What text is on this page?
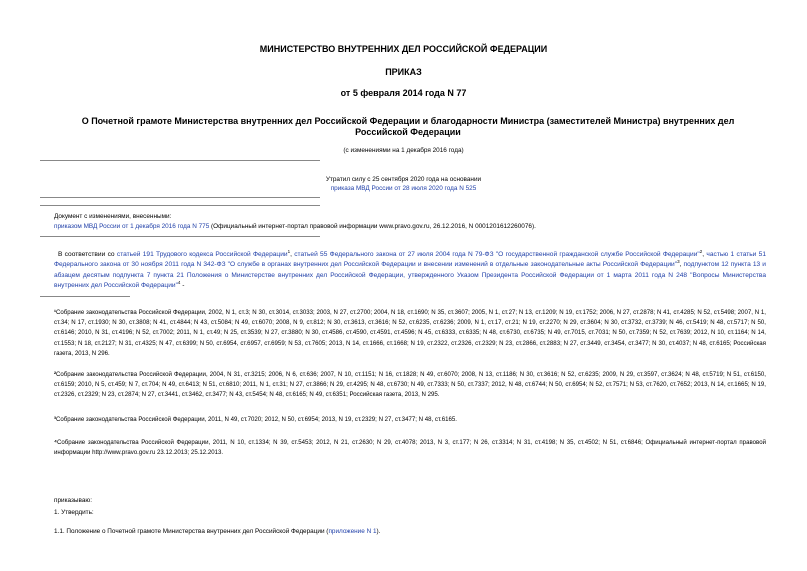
МИНИСТЕРСТВО ВНУТРЕННИХ ДЕЛ РОССИЙСКОЙ ФЕДЕРАЦИИ
ПРИКАЗ
от 5 февраля 2014 года N 77
О Почетной грамоте Министерства внутренних дел Российской Федерации и благодарности Министра (заместителей Министра) внутренних дел Российской Федерации
(с изменениями на 1 декабря 2016 года)
Утратил силу с 25 сентября 2020 года на основании
приказа МВД России от 28 июля 2020 года N 525
Документ с изменениями, внесенными:
приказом МВД России от 1 декабря 2016 года N 775 (Официальный интернет-портал правовой информации www.pravo.gov.ru, 26.12.2016, N 0001201612260076).
В соответствии со статьей 191 Трудового кодекса Российской Федерации$^1$, статьей 55 Федерального закона от 27 июля 2004 года N 79-ФЗ "О государственной гражданской службе Российской Федерации"$^2$, частью 1 статьи 51 Федерального закона от 30 ноября 2011 года N 342-ФЗ "О службе в органах внутренних дел Российской Федерации и внесении изменений в отдельные законодательные акты Российской Федерации"$^3$, подпунктом 12 пункта 13 и абзацем десятым подпункта 7 пункта 21 Положения о Министерстве внутренних дел Российской Федерации, утвержденного Указом Президента Российской Федерации от 1 марта 2011 года N 248 "Вопросы Министерства внутренних дел Российской Федерации"$^4$ -
¹Собрание законодательства Российской Федерации, 2002, N 1, ст.3; N 30, ст.3014, ст.3033; 2003, N 27, ст.2700; 2004, N 18, ст.1690; N 35, ст.3607; 2005, N 1, ст.27; N 13, ст.1209; N 19, ст.1752; 2006, N 27, ст.2878; N 41, ст.4285; N 52, ст.5498; 2007, N 1, ст.34; N 17, ст.1930; N 30, ст.3808; N 41, ст.4844; N 43, ст.5084; N 49, ст.6070; 2008, N 9, ст.812; N 30, ст.3613, ст.3616; N 52, ст.6235, ст.6236; 2009, N 1, ст.17, ст.21; N 19, ст.2270; N 29, ст.3604; N 30, ст.3732, ст.3739; N 46, ст.5419; N 48, ст.5717; N 50, ст.6146; 2010, N 31, ст.4196; N 52, ст.7002; 2011, N 1, ст.49; N 25, ст.3539; N 27, ст.3880; N 30, ст.4586, ст.4590, ст.4591, ст.4596; N 45, ст.6333, ст.6335; N 48, ст.6730, ст.6735; N 49, ст.7015, ст.7031; N 50, ст.7359; N 52, ст.7639; 2012, N 10, ст.1164; N 14, ст.1553; N 18, ст.2127; N 31, ст.4325; N 47, ст.6399; N 50, ст.6954, ст.6957, ст.6959; N 53, ст.7605; 2013, N 14, ст.1666, ст.1668; N 19, ст.2322, ст.2326, ст.2329; N 23, ст.2866, ст.2883; N 27, ст.3449, ст.3454, ст.3477; N 30, ст.4037; N 48, ст.6165; Российская газета, 2013, N 296.
²Собрание законодательства Российской Федерации, 2004, N 31, ст.3215; 2006, N 6, ст.636; 2007, N 10, ст.1151; N 16, ст.1828; N 49, ст.6070; 2008, N 13, ст.1186; N 30, ст.3616; N 52, ст.6235; 2009, N 29, ст.3597, ст.3624; N 48, ст.5719; N 51, ст.6150, ст.6159; 2010, N 5, ст.459; N 7, ст.704; N 49, ст.6413; N 51, ст.6810; 2011, N 1, ст.31; N 27, ст.3866; N 29, ст.4295; N 48, ст.6730; N 49, ст.7333; N 50, ст.7337; 2012, N 48, ст.6744; N 50, ст.6954; N 52, ст.7571; N 53, ст.7620, ст.7652; 2013, N 14, ст.1665; N 19, ст.2326, ст.2329; N 23, ст.2874; N 27, ст.3441, ст.3462, ст.3477; N 43, ст.5454; N 48, ст.6165; N 49, ст.6351; Российская газета, 2013, N 295.
³Собрание законодательства Российской Федерации, 2011, N 49, ст.7020; 2012, N 50, ст.6954; 2013, N 19, ст.2329; N 27, ст.3477; N 48, ст.6165.
⁴Собрание законодательства Российской Федерации, 2011, N 10, ст.1334; N 39, ст.5453; 2012, N 21, ст.2630; N 29, ст.4078; 2013, N 3, ст.177; N 26, ст.3314; N 31, ст.4198; N 35, ст.4502; N 51, ст.6846; Официальный интернет-портал правовой информации http://www.pravo.gov.ru 23.12.2013; 25.12.2013.
приказываю:
1. Утвердить:
1.1. Положение о Почетной грамоте Министерства внутренних дел Российской Федерации (приложение N 1).
